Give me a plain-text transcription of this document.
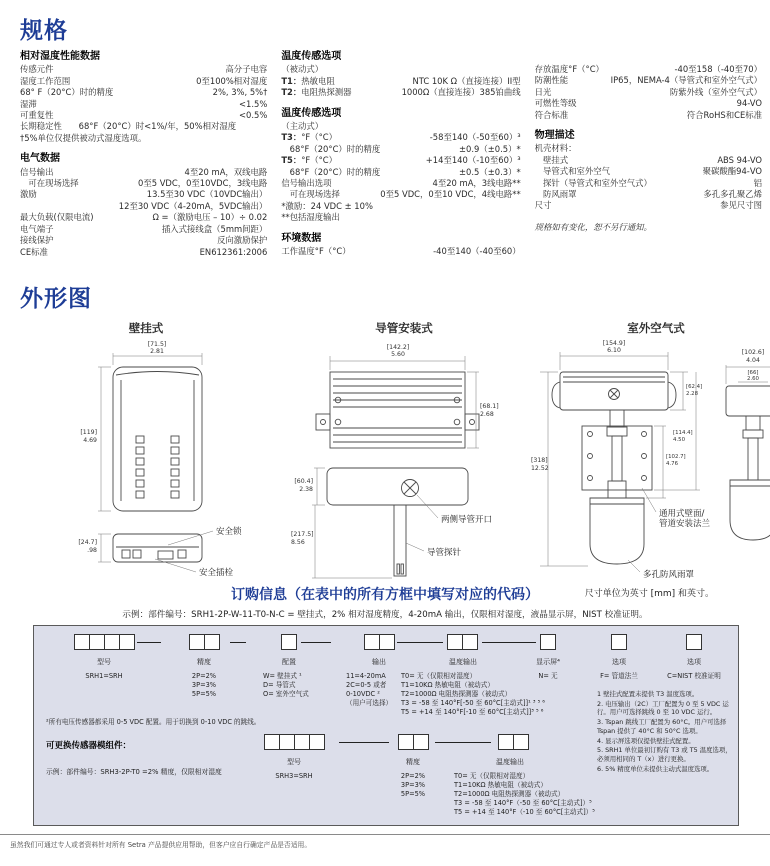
规格
相对湿度性能数据
传感元件	高分子电容
湿度工作范围	0至100%相对湿度
68° F（20°C）时的精度	2%, 3%, 5%†
湿滞	<1.5%
可重复性	<0.5%
长期稳定性　　68°F（20°C）时<1%/年，50%相对湿度
†5%单位仅提供被动式湿度选项。
电气数据
信号输出	4至20 mA，双线电路
　可在现场选择	0至5 VDC，0至10VDC，3线电路
激励	13.5至30 VDC（10VDC输出）
12至30 VDC（4-20mA，5VDC输出）
最大负载(仅限电流)	Ω =（激励电压 – 10）÷ 0.02
电气端子	插入式接线盒（5mm间距）
接线保护	反向激励保护
CE标准	EN612361:2006
温度传感选项
（被动式）
T1：热敏电阻	NTC 10K Ω（直接连接）II型
T2：电阻热探测器	1000Ω（直接连接）385铂曲线
温度传感选项
（主动式）
T3：°F（°C）	-58至140（-50至60）³
　68°F（20°C）时的精度	±0.9（±0.5）*
T5：°F（°C）	+14至140（-10至60）³
　68°F（20°C）时的精度	±0.5（±0.3）*
信号输出选项	4至20 mA，3线电路**
　可在现场选择	0至5 VDC，0至10 VDC，4线电路**
*激励：24 VDC ± 10%
**包括湿度输出
环境数据
工作温度°F（°C）	-40至140（-40至60）
存放温度°F（°C）	-40至158（-40至70）
防潮性能	IP65，NEMA-4（导管式和室外空气式）
日光	防紫外线（室外空气式）
可燃性等级	94-VO
符合标准	符合RoHS和CE标准
物理描述
机壳材料：
　壁挂式	ABS 94-VO
　导管式和室外空气	聚碳酸酯94-VO
　探针（导管式和室外空气式）	铝
　防风雨罩	多孔多孔聚乙烯
尺寸	参见尺寸图
规格如有变化，恕不另行通知。
外形图
壁挂式
[71.5]
2.81
[119]
4.69
[24.7]
.98
安全锁
安全插栓
导管安装式
[142.2]
5.60
[68.1]
2.68
[60.4]
2.38
[217.5]
8.56
两侧导管开口
导管探针
室外空气式
[154.9]
6.10
[62.4]
2.28
[114.4]
4.50
[318]
12.52
[102.7]
4.76
[102.6]
4.04
[66]
2.60
通用式壁面/
管道安装法兰
多孔防风雨罩
尺寸单位为英寸 [mm] 和英寸。
订购信息（在表中的所有方框中填写对应的代码）
示例：部件编号：SRH1-2P-W-11-T0-N-C = 壁挂式，2% 相对湿度精度，4-20mA 输出，仅限相对湿度，液晶显示屏，NIST 校准证明。
型号
SRH1=SRH
精度
2P=2%
3P=3%
5P=5%
配置
W= 壁挂式 ¹
D= 导管式
O= 室外空气式
输出
11=4-20mA
2C=0-5 或者
0-10VDC ²
（用户可选择）
温度输出
T0= 无（仅限相对湿度）
T1=10KΩ 热敏电阻（被动式）
T2=1000Ω 电阻热探测器（被动式）
T3 = -58 至 140°F[-50 至 60°C[主动式]]¹ ³ ⁵ ⁶
T5 = +14 至 140°F[-10 至 60°C[主动式]]³ ⁵ ⁶
显示屏⁴
N= 无
选项
F= 管道法兰
选项
C=NIST 校准证明
²所有电压传感器都采用 0-5 VDC 配置。用于切换到 0-10 VDC 的跳线。
可更换传感器模组件：
示例：部件编号：SRH3-2P-T0 =2% 精度，仅限相对湿度
型号
SRH3=SRH
精度
2P=2%
3P=3%
5P=5%
温度输出
T0= 无（仅限相对湿度）
T1=10KΩ 热敏电阻（被动式）
T2=1000Ω 电阻热探测器（被动式）
T3 = -58 至 140°F（-50 至 60°C[主动式]）⁵
T5 = +14 至 140°F（-10 至 60°C[主动式]）⁵
1 壁挂式配置未提供 T3 温度选项。
2. 电压输出（2C）工厂配置为 0 至 5 VDC 运行。用户可选择跳线 0 至 10 VDC 运行。
3. Tspan 跳线工厂配置为 60°C。用户可选择 Tspan 提供了 40°C 和 50°C 选项。
4. 显示屏选项仅提供壁挂式配置。
5. SRH1 单位最初订购有 T3 或 T5 温度选项，必须用相同的 T（x）进行更换。
6. 5% 精度单位未提供主动式温度选项。
虽然我们可通过专人或者资料针对所有 Setra 产品提供应用帮助，但客户应自行确定产品是否适用。
